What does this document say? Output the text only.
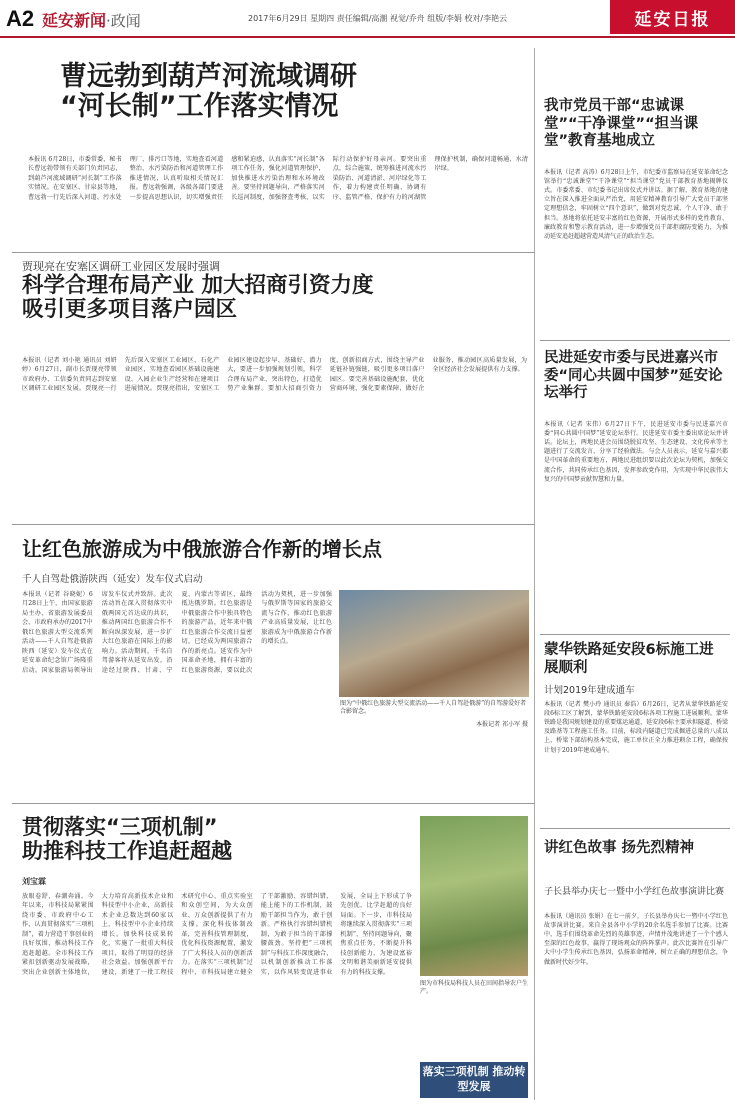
A2 延安新闻·政闻	2017年6月29日 星期四 责任编辑/高潮 视觉/乔舟 组版/李娟 校对/李艳云	延安日报
曹远勃到葫芦河流域调研
“河长制”工作落实情况
本报讯 6月28日，市委常委、秘书长曹远勃带领有关部门负责同志，到葫芦河流域调研“河长制”工作落实情况。在安塞区、甘泉县等地，曹远勃一行先后深入河道、污水处理厂、排污口等地，实地查看河道整治、水污染防治和河道管理工作推进情况，认真听取相关情况汇报。曹远勃强调，各级各部门要进一步提高思想认识，切实增强责任感和紧迫感，认真落实“河长制”各项工作任务，强化河道管理保护，加快推进水污染治理和水环境改善。要坚持问题导向，严格落实河长巡河制度，加强督查考核，以实际行动保护好母亲河。要突出重点，综合施策，统筹推进河流水污染防治、河道清淤、河岸绿化等工作，着力构建责任明确、协调有序、监管严格、保护有力的河湖管理保护机制，确保河道畅通、水清岸绿。
贾现亮在安塞区调研工业园区发展时强调
科学合理布局产业 加大招商引资力度
吸引更多项目落户园区
本报讯（记者 刘小艳 通讯员 刘妍婷）6月27日，副市长贾现亮带领市政府办、工信委负责同志到安塞区调研工业园区发展。贾现亮一行先后深入安塞区工业园区、石化产业园区，实地查看园区基础设施建设、入园企业生产经营和在建项目进展情况。贾现亮指出，安塞区工业园区建设起步早、基础好、潜力大，要进一步加强规划引领，科学合理布局产业，突出特色，打造优势产业集群。要加大招商引资力度，创新招商方式，围绕主导产业延链补链强链，吸引更多项目落户园区。要完善基础设施配套，优化营商环境，强化要素保障，做好企业服务，推动园区高质量发展，为全区经济社会发展提供有力支撑。
让红色旅游成为中俄旅游合作新的增长点
千人自驾赴俄游陕西（延安）发车仪式启动
本报讯（记者 谷晓妮）6月28日上午，由国家旅游局主办、省旅游发展委员会、市政府承办的2017中俄红色旅游大型交流系列活动——千人自驾赴俄游陕西（延安）发车仪式在延安革命纪念馆广场隆重启动。国家旅游局领导出席发车仪式并致辞。此次活动旨在深入贯彻落实中俄两国元首达成的共识，推动两国红色旅游合作不断向纵深发展，进一步扩大红色旅游在国际上的影响力。活动期间，千名自驾游客将从延安出发，沿途经过陕西、甘肃、宁夏、内蒙古等省区，最终抵达俄罗斯。红色旅游是中俄旅游合作中独具特色的旅游产品，近年来中俄红色旅游合作交流日益密切，已经成为两国旅游合作的新亮点。延安作为中国革命圣地，拥有丰富的红色旅游资源，要以此次活动为契机，进一步加强与俄罗斯等国家的旅游交流与合作，推动红色旅游产业高质量发展，让红色旅游成为中俄旅游合作新的增长点。
图为“中俄红色旅游大型交流活动——千人自驾赴俄游”的自驾游爱好者合影留念。
本报记者 祁小军 摄
贯彻落实“三项机制”
助推科技工作追赶超越
刘宝霖
放眼卷舒，春潮奔涌。今年以来，市科技局紧紧围绕市委、市政府中心工作，认真贯彻落实“三项机制”，着力营造干事创业的良好氛围，推动科技工作追赶超越。全市科技工作紧扣创新驱动发展战略，突出企业创新主体地位，大力培育高新技术企业和科技型中小企业，高新技术企业总数达到60家以上，科技型中小企业持续增长。加快科技成果转化，实施了一批重大科技项目，取得了明显的经济社会效益。加强创新平台建设，新建了一批工程技术研究中心、重点实验室和众创空间，为大众创业、万众创新提供了有力支撑。深化科技体制改革，完善科技管理制度，优化科技资源配置，激发了广大科技人员的创新活力。在落实“三项机制”过程中，市科技局建立健全了干部激励、容错纠错、能上能下的工作机制，鼓励干部担当作为，敢于创新。严格执行容错纠错机制，为敢于担当的干部撑腰鼓劲。坚持把“三项机制”与科技工作深度融合，以机制创新推动工作落实，以作风转变促进事业发展，全局上下形成了争先创优、比学赶超的良好局面。下一步，市科技局将继续深入贯彻落实“三项机制”，坚持问题导向，聚焦重点任务，不断提升科技创新能力，为建设富裕文明和谐美丽新延安提供有力的科技支撑。
图为市科技局科技人员在田间指导农户生产。
落实三项机制 推动转型发展
我市党员干部“忠诚课堂”“干净课堂”“担当课堂”教育基地成立
本报讯（记者 高涛）6月28日上午，市纪委市监察局在延安革命纪念馆举行“忠诚课堂”“干净课堂”“担当课堂”党员干部教育基地揭牌仪式。市委常委、市纪委书记出席仪式并讲话。据了解，教育基地的建立旨在深入推进全面从严治党，用延安精神教育引导广大党员干部坚定理想信念，牢固树立“四个意识”，做到对党忠诚、个人干净、敢于担当。基地将依托延安丰富的红色资源，开展形式多样的党性教育、廉政教育和警示教育活动，进一步增强党员干部拒腐防变能力，为推动延安追赶超越营造风清气正的政治生态。
民进延安市委与民进嘉兴市委“同心共圆中国梦”延安论坛举行
本报讯（记者 宋伟）6月27日下午，民进延安市委与民进嘉兴市委“同心共圆中国梦”延安论坛举行。民进延安市委主委出席论坛并讲话。论坛上，两地民进会员围绕脱贫攻坚、生态建设、文化传承等主题进行了交流发言，分享了经验做法。与会人员表示，延安与嘉兴都是中国革命的重要地方，两地民进组织要以此次论坛为契机，加强交流合作，共同传承红色基因，发挥参政党作用，为实现中华民族伟大复兴的中国梦贡献智慧和力量。
蒙华铁路延安段6标施工进展顺利
计划2019年建成通车
本报讯（记者 樊小玲 通讯员 秦浩）6月26日，记者从蒙华铁路延安段6标工区了解到，蒙华铁路延安段6标各项工程施工进展顺利。蒙华铁路是我国规划建设的重要煤运通道，延安段6标主要承担隧道、桥梁及路基等工程施工任务。目前，标段内隧道已完成掘进总量的八成以上，桥梁下部结构基本完成，施工单位正全力推进剩余工程，确保按计划于2019年建成通车。
讲红色故事 扬先烈精神
子长县举办庆七一暨中小学红色故事演讲比赛
本报讯（通讯员 张娟）在七一前夕，子长县举办庆七一暨中小学红色故事演讲比赛。来自全县各中小学的20余名选手参加了比赛。比赛中，选手们围绕革命先烈的英雄事迹，声情并茂地讲述了一个个感人至深的红色故事，赢得了现场观众的阵阵掌声。此次比赛旨在引导广大中小学生传承红色基因，弘扬革命精神，树立正确的理想信念，争做新时代好少年。
